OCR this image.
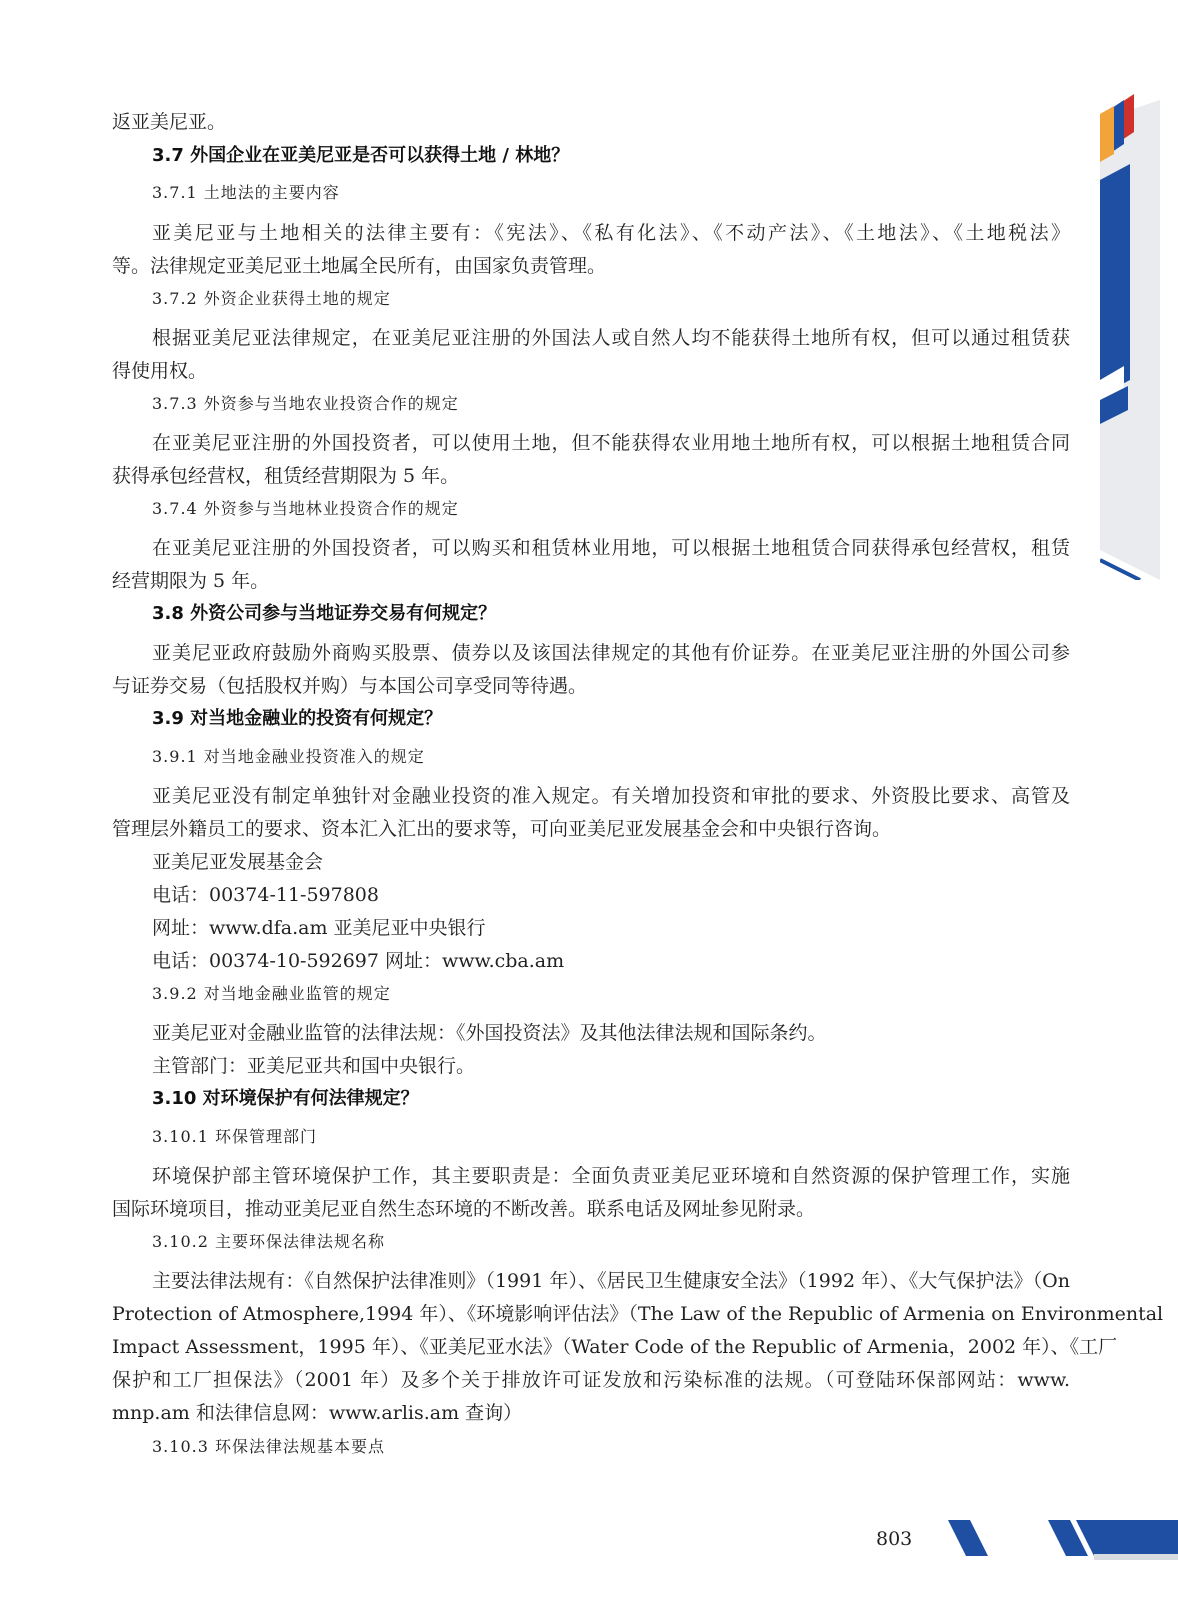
返亚美尼亚。
3.7 外国企业在亚美尼亚是否可以获得土地 / 林地？
3.7.1 土地法的主要内容
亚美尼亚与土地相关的法律主要有：《宪法》、《私有化法》、《不动产法》、《土地法》、《土地税法》
等。法律规定亚美尼亚土地属全民所有，由国家负责管理。
3.7.2 外资企业获得土地的规定
根据亚美尼亚法律规定，在亚美尼亚注册的外国法人或自然人均不能获得土地所有权，但可以通过租赁获
得使用权。
3.7.3 外资参与当地农业投资合作的规定
在亚美尼亚注册的外国投资者，可以使用土地，但不能获得农业用地土地所有权，可以根据土地租赁合同
获得承包经营权，租赁经营期限为 5 年。
3.7.4 外资参与当地林业投资合作的规定
在亚美尼亚注册的外国投资者，可以购买和租赁林业用地，可以根据土地租赁合同获得承包经营权，租赁
经营期限为 5 年。
3.8 外资公司参与当地证券交易有何规定？
亚美尼亚政府鼓励外商购买股票、债券以及该国法律规定的其他有价证券。在亚美尼亚注册的外国公司参
与证券交易（包括股权并购）与本国公司享受同等待遇。
3.9 对当地金融业的投资有何规定？
3.9.1 对当地金融业投资准入的规定
亚美尼亚没有制定单独针对金融业投资的准入规定。有关增加投资和审批的要求、外资股比要求、高管及
管理层外籍员工的要求、资本汇入汇出的要求等，可向亚美尼亚发展基金会和中央银行咨询。
亚美尼亚发展基金会
电话：00374-11-597808
网址：www.dfa.am 亚美尼亚中央银行
电话：00374-10-592697 网址：www.cba.am
3.9.2 对当地金融业监管的规定
亚美尼亚对金融业监管的法律法规：《外国投资法》及其他法律法规和国际条约。
主管部门：亚美尼亚共和国中央银行。
3.10 对环境保护有何法律规定？
3.10.1 环保管理部门
环境保护部主管环境保护工作，其主要职责是：全面负责亚美尼亚环境和自然资源的保护管理工作，实施
国际环境项目，推动亚美尼亚自然生态环境的不断改善。联系电话及网址参见附录。
3.10.2 主要环保法律法规名称
主要法律法规有：《自然保护法律准则》（1991 年）、《居民卫生健康安全法》（1992 年）、《大气保护法》（On
Protection of Atmosphere,1994 年）、《环境影响评估法》（The Law of the Republic of Armenia on Environmental
Impact Assessment，1995 年）、《亚美尼亚水法》（Water Code of the Republic of Armenia，2002 年）、《工厂
保护和工厂担保法》（2001 年）及多个关于排放许可证发放和污染标准的法规。（可登陆环保部网站：www.
mnp.am 和法律信息网：www.arlis.am 查询）
3.10.3 环保法律法规基本要点
803
